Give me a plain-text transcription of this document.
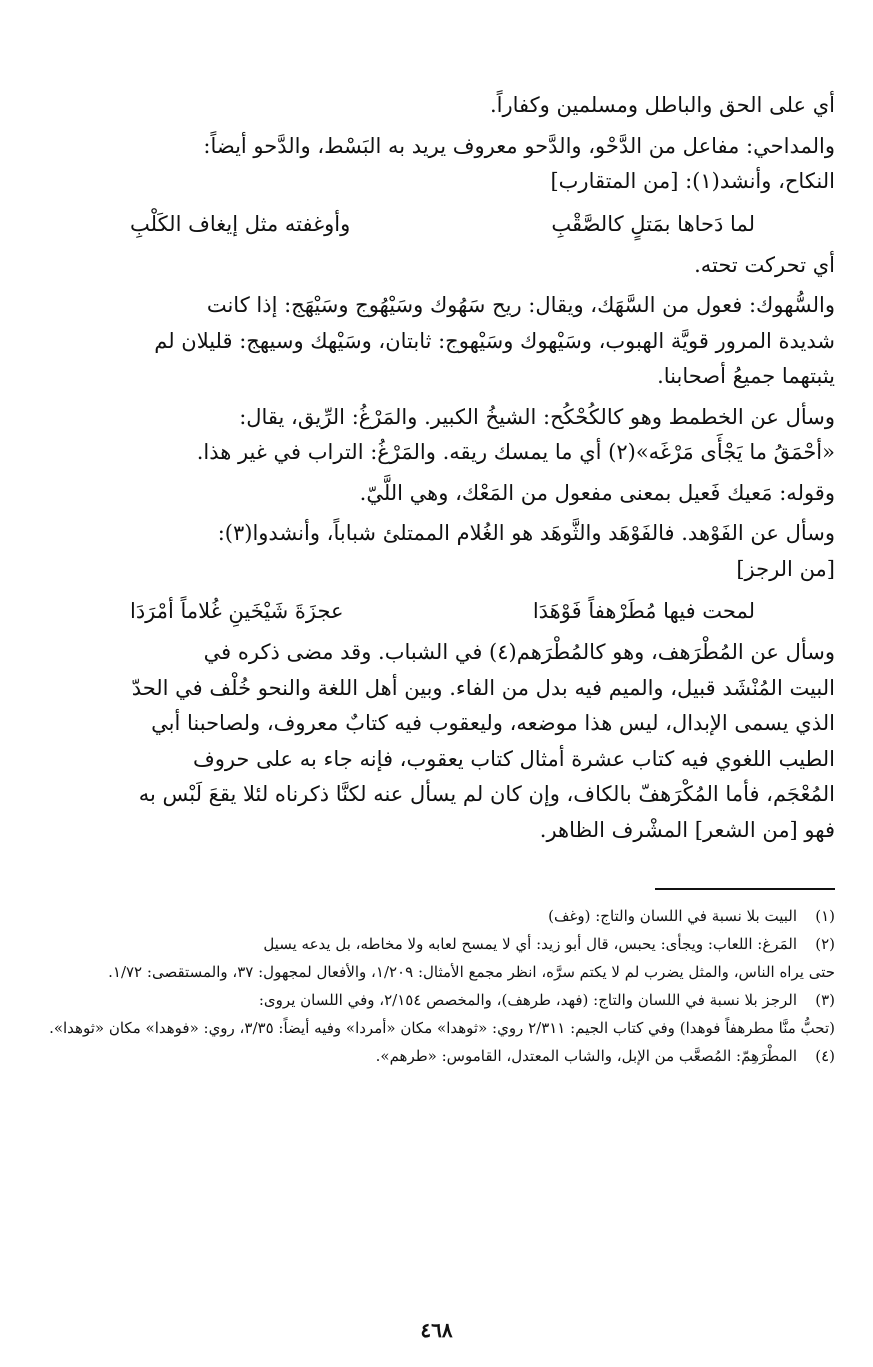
أي على الحق والباطل ومسلمين وكفاراً.

والمداحي: مفاعل من الدَّحْو، والدَّحو معروف يريد به البَسْط، والدَّحو أيضاً:

النكاح، وأنشد(١): [من المتقارب]

لما دَحاها بمَتلٍ كالصَّقْبِ
وأوغفته مثل إيغاف الكَلْبِ

أي تحركت تحته.

والسُّهوك: فعول من السَّهَك، ويقال: ريح سَهُوك وسَيْهُوج وسَيْهَج: إذا كانت

شديدة المرور قويَّة الهبوب، وسَيْهوك وسَيْهوج: ثابتان، وسَيْهك وسيهج: قليلان لم

يثبتهما جميعُ أصحابنا.

وسأل عن الخطمط وهو كالكُحْكُح: الشيخُ الكبير. والمَرْغُ: الرِّيق، يقال:

«أحْمَقُ ما يَجْأَى مَرْغَه»(٢) أي ما يمسك ريقه. والمَرْغُ: التراب في غير هذا.

وقوله: مَعيك فَعيل بمعنى مفعول من المَعْك، وهي اللَّيّ.

وسأل عن الفَوْهد. فالفَوْهَد والثَّوهَد هو الغُلام الممتلئ شباباً، وأنشدوا(٣):

[من الرجز]

لمحت فيها مُطَرْهفاً فَوْهَدَا
عجزَةَ شَيْخَينِ غُلاماً أمْرَدَا

وسأل عن المُطْرَهف، وهو كالمُطْرَهم(٤) في الشباب. وقد مضى ذكره في

البيت المُنْشَد قبيل، والميم فيه بدل من الفاء. وبين أهل اللغة والنحو خُلْف في الحدّ

الذي يسمى الإبدال، ليس هذا موضعه، وليعقوب فيه كتابٌ معروف، ولصاحبنا أبي

الطيب اللغوي فيه كتاب عشرة أمثال كتاب يعقوب، فإنه جاء به على حروف

المُعْجَم، فأما المُكْرَهفّ بالكاف، وإن كان لم يسأل عنه لكنَّا ذكرناه لئلا يقعَ لَبْس به

فهو [من الشعر] المشْرف الظاهر.

(١)
البيت بلا نسبة في اللسان والتاج: (وغف)
(٢)
المَرغ: اللعاب: ويجأى: يحبس، قال أبو زيد: أي لا يمسح لعابه ولا مخاطه، بل يدعه يسيل
حتى يراه الناس، والمثل يضرب لم لا يكتم سرَّه، انظر مجمع الأمثال: ١/٢٠٩، والأفعال لمجهول: ٣٧، والمستقصى: ١/٧٢.
(٣)
الرجز بلا نسبة في اللسان والتاج: (فهد، طرهف)، والمخصص ٢/١٥٤، وفي اللسان يروى:
(تحبُّ منَّا مطرهفاً فوهدا) وفي كتاب الجيم: ٢/٣١١ روي: «ثوهدا» مكان «أمردا» وفيه أيضاً: ٣/٣٥، روي: «فوهدا» مكان «ثوهدا».
(٤)
المطْرَهِمّ: المُصعَّب من الإبل، والشاب المعتدل، القاموس: «طرهم».
٤٦٨
